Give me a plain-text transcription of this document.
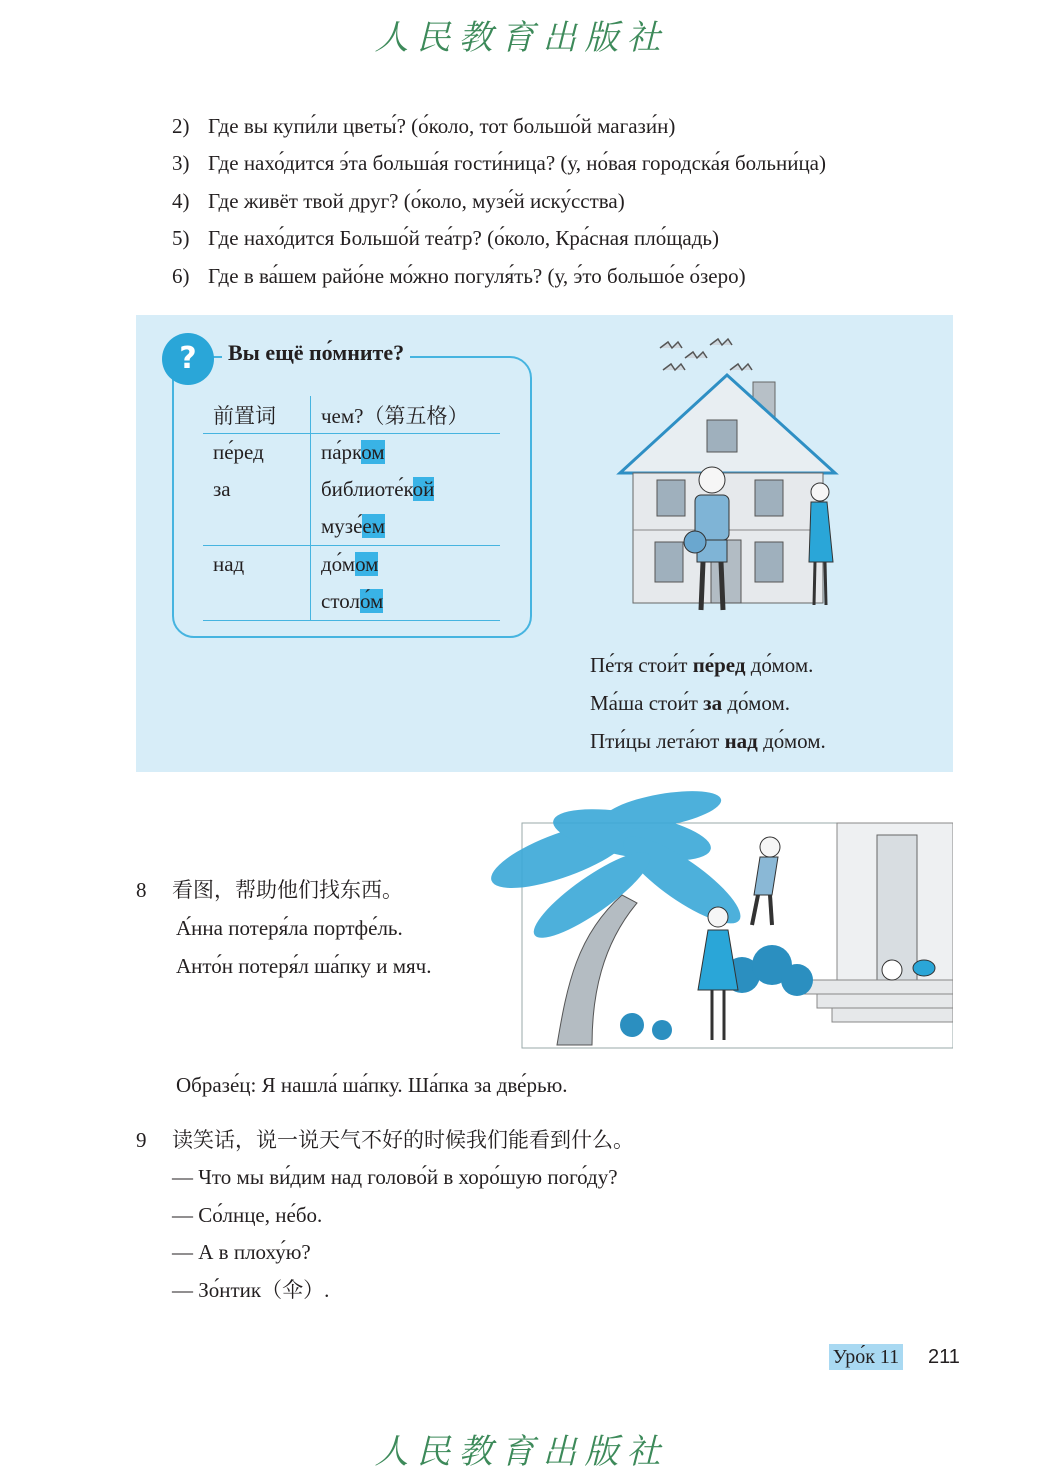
人民教育出版社
2) Где вы купи́ли цветы́? (о́коло, тот большо́й магази́н)
3) Где нахо́дится э́та больша́я гости́ница? (у, но́вая городска́я больни́ца)
4) Где живёт твой друг? (о́коло, музе́й иску́сства)
5) Где нахо́дится Большо́й теа́тр? (о́коло, Кра́сная пло́щадь)
6) Где в ва́шем райо́не мо́жно погуля́ть? (у, э́то большо́е о́зеро)
?	Вы ещё по́мните?
前置词	чем?（第五格）
пе́ред	па́рком
за	библиоте́кой
	музе́ем
над	до́мом
	столо́м
Пе́тя стои́т пе́ред до́мом.
Ма́ша стои́т за до́мом.
Пти́цы лета́ют над до́мом.
8 看图，帮助他们找东西。
А́нна потеря́ла портфе́ль.
Анто́н потеря́л ша́пку и мяч.
Образе́ц: Я нашла́ ша́пку. Ша́пка за две́рью.
9 读笑话，说一说天气不好的时候我们能看到什么。
— Что мы ви́дим над голово́й в хоро́шую пого́ду?
— Со́лнце, не́бо.
— А в плоху́ю?
— Зо́нтик（伞）.
Уро́к 11 211
人民教育出版社
